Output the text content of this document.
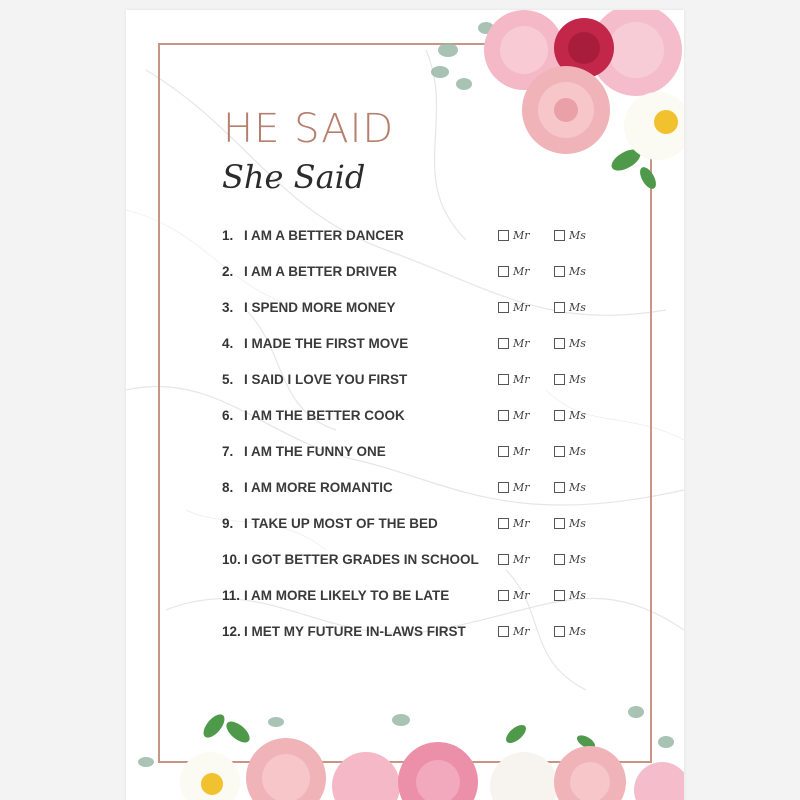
HE SAID
She Said
1. I AM A BETTER DANCER	Mr	Ms
2. I AM A BETTER DRIVER	Mr	Ms
3. I SPEND MORE MONEY	Mr	Ms
4. I MADE THE FIRST MOVE	Mr	Ms
5. I SAID I LOVE YOU FIRST	Mr	Ms
6. I AM THE BETTER COOK	Mr	Ms
7. I AM THE FUNNY ONE	Mr	Ms
8. I AM MORE ROMANTIC	Mr	Ms
9. I TAKE UP MOST OF THE BED	Mr	Ms
10. I GOT BETTER GRADES IN SCHOOL	Mr	Ms
11. I AM MORE LIKELY TO BE LATE	Mr	Ms
12. I MET MY FUTURE IN-LAWS FIRST	Mr	Ms
